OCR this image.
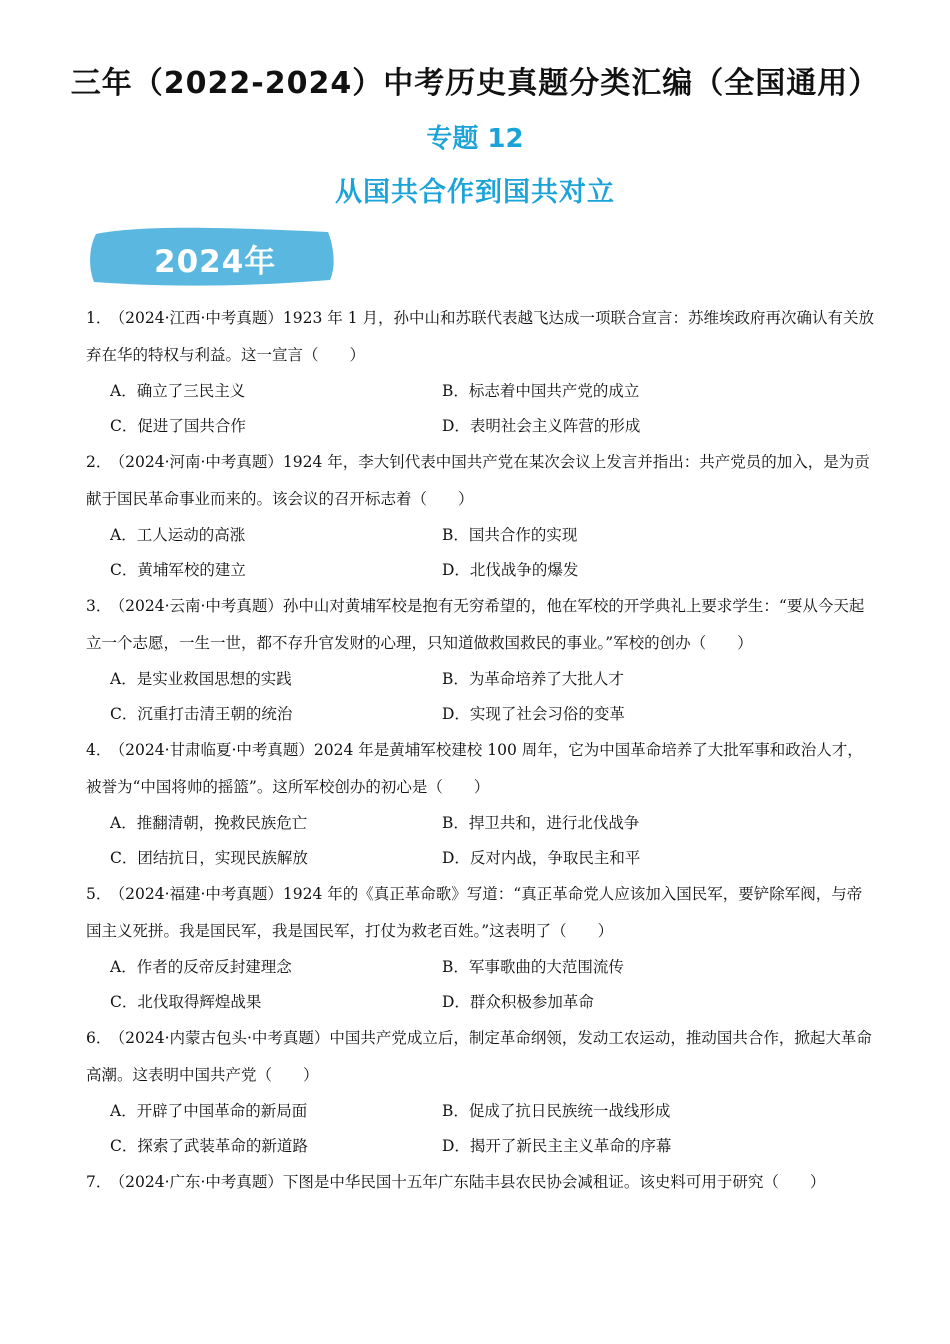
三年（2022-2024）中考历史真题分类汇编（全国通用）
专题 12
从国共合作到国共对立
2024年

1． （2024·江西·中考真题）1923 年 1 月，孙中山和苏联代表越飞达成一项联合宣言：苏维埃政府再次确认有关放弃在华的特权与利益。这一宣言（　　）

A．确立了三民主义	B．标志着中国共产党的成立
C．促进了国共合作	D．表明社会主义阵营的形成

2． （2024·河南·中考真题）1924 年，李大钊代表中国共产党在某次会议上发言并指出：共产党员的加入，是为贡献于国民革命事业而来的。该会议的召开标志着（　　）

A．工人运动的高涨	B．国共合作的实现
C．黄埔军校的建立	D．北伐战争的爆发

3． （2024·云南·中考真题）孙中山对黄埔军校是抱有无穷希望的，他在军校的开学典礼上要求学生：“要从今天起立一个志愿，一生一世，都不存升官发财的心理，只知道做救国救民的事业。”军校的创办（　　）

A．是实业救国思想的实践	B．为革命培养了大批人才
C．沉重打击清王朝的统治	D．实现了社会习俗的变革

4． （2024·甘肃临夏·中考真题）2024 年是黄埔军校建校 100 周年，它为中国革命培养了大批军事和政治人才，被誉为“中国将帅的摇篮”。这所军校创办的初心是（　　）

A．推翻清朝，挽救民族危亡	B．捍卫共和，进行北伐战争
C．团结抗日，实现民族解放	D．反对内战，争取民主和平

5． （2024·福建·中考真题）1924 年的《真正革命歌》写道：“真正革命党人应该加入国民军，要铲除军阀，与帝国主义死拼。我是国民军，我是国民军，打仗为救老百姓。”这表明了（　　）

A．作者的反帝反封建理念	B．军事歌曲的大范围流传
C．北伐取得辉煌战果	D．群众积极参加革命

6． （2024·内蒙古包头·中考真题）中国共产党成立后，制定革命纲领，发动工农运动，推动国共合作，掀起大革命高潮。这表明中国共产党（　　）

A．开辟了中国革命的新局面	B．促成了抗日民族统一战线形成
C．探索了武装革命的新道路	D．揭开了新民主主义革命的序幕

7． （2024·广东·中考真题）下图是中华民国十五年广东陆丰县农民协会减租证。该史料可用于研究（　　）
